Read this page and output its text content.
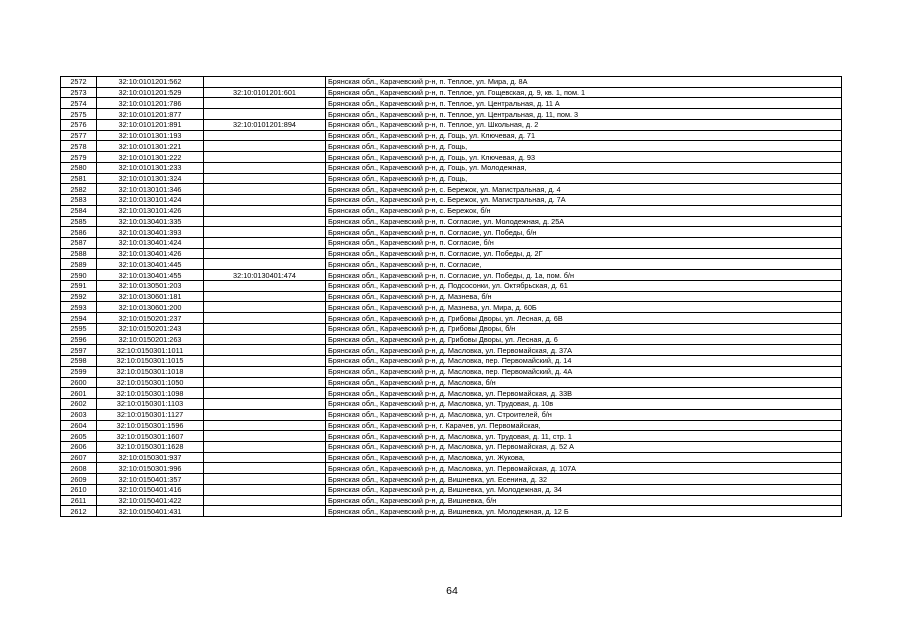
2572	32:10:0101201:562		Брянская обл., Карачевский р-н, п. Теплое, ул. Мира, д. 8А
2573	32:10:0101201:529	32:10:0101201:601	Брянская обл., Карачевский р-н, п. Теплое, ул. Гощевская, д. 9, кв. 1, пом. 1
2574	32:10:0101201:786		Брянская обл., Карачевский р-н, п. Теплое, ул. Центральная, д. 11 А
2575	32:10:0101201:877		Брянская обл., Карачевский р-н, п. Теплое, ул. Центральная, д. 11, пом. 3
2576	32:10:0101201:891	32:10:0101201:894	Брянская обл., Карачевский р-н, п. Теплое, ул. Школьная, д. 2
2577	32:10:0101301:193		Брянская обл., Карачевский р-н, д. Гощь, ул. Ключевая, д. 71
2578	32:10:0101301:221		Брянская обл., Карачевский р-н, д. Гощь,
2579	32:10:0101301:222		Брянская обл., Карачевский р-н, д. Гощь, ул. Ключевая, д. 93
2580	32:10:0101301:233		Брянская обл., Карачевский р-н, д. Гощь, ул. Молодежная,
2581	32:10:0101301:324		Брянская обл., Карачевский р-н, д. Гощь,
2582	32:10:0130101:346		Брянская обл., Карачевский р-н, с. Бережок, ул. Магистральная, д. 4
2583	32:10:0130101:424		Брянская обл., Карачевский р-н, с. Бережок, ул. Магистральная, д. 7А
2584	32:10:0130101:426		Брянская обл., Карачевский р-н, с. Бережок, б/н
2585	32:10:0130401:335		Брянская обл., Карачевский р-н, п. Согласие, ул. Молодежная, д. 25А
2586	32:10:0130401:393		Брянская обл., Карачевский р-н, п. Согласие, ул. Победы, б/н
2587	32:10:0130401:424		Брянская обл., Карачевский р-н, п. Согласие, б/н
2588	32:10:0130401:426		Брянская обл., Карачевский р-н, п. Согласие, ул. Победы, д. 2Г
2589	32:10:0130401:445		Брянская обл., Карачевский р-н, п. Согласие,
2590	32:10:0130401:455	32:10:0130401:474	Брянская обл., Карачевский р-н, п. Согласие, ул. Победы, д. 1а, пом. б/н
2591	32:10:0130501:203		Брянская обл., Карачевский р-н, д. Подсосонки, ул. Октябрьская, д. 61
2592	32:10:0130601:181		Брянская обл., Карачевский р-н, д. Мазнева, б/н
2593	32:10:0130601:200		Брянская обл., Карачевский р-н, д. Мазнева, ул. Мира, д. 60Б
2594	32:10:0150201:237		Брянская обл., Карачевский р-н, д. Грибовы Дворы, ул. Лесная, д. 6В
2595	32:10:0150201:243		Брянская обл., Карачевский р-н, д. Грибовы Дворы, б/н
2596	32:10:0150201:263		Брянская обл., Карачевский р-н, д. Грибовы Дворы, ул. Лесная, д. 6
2597	32:10:0150301:1011		Брянская обл., Карачевский р-н, д. Масловка, ул. Первомайская, д. 37А
2598	32:10:0150301:1015		Брянская обл., Карачевский р-н, д. Масловка, пер. Первомайский, д. 14
2599	32:10:0150301:1018		Брянская обл., Карачевский р-н, д. Масловка, пер. Первомайский, д. 4А
2600	32:10:0150301:1050		Брянская обл., Карачевский р-н, д. Масловка, б/н
2601	32:10:0150301:1098		Брянская обл., Карачевский р-н, д. Масловка, ул. Первомайская, д. 33В
2602	32:10:0150301:1103		Брянская обл., Карачевский р-н, д. Масловка, ул. Трудовая, д. 10в
2603	32:10:0150301:1127		Брянская обл., Карачевский р-н, д. Масловка, ул. Строителей, б/н
2604	32:10:0150301:1596		Брянская обл., Карачевский р-н, г. Карачев, ул. Первомайская,
2605	32:10:0150301:1607		Брянская обл., Карачевский р-н, д. Масловка, ул. Трудовая, д. 11, стр. 1
2606	32:10:0150301:1628		Брянская обл., Карачевский р-н, д. Масловка, ул. Первомайская, д. 52 А
2607	32:10:0150301:937		Брянская обл., Карачевский р-н, д. Масловка, ул. Жукова,
2608	32:10:0150301:996		Брянская обл., Карачевский р-н, д. Масловка, ул. Первомайская, д. 107А
2609	32:10:0150401:357		Брянская обл., Карачевский р-н, д. Вишневка, ул. Есенина, д. 32
2610	32:10:0150401:416		Брянская обл., Карачевский р-н, д. Вишневка, ул. Молодежная, д. 34
2611	32:10:0150401:422		Брянская обл., Карачевский р-н, д. Вишневка, б/н
2612	32:10:0150401:431		Брянская обл., Карачевский р-н, д. Вишневка, ул. Молодежная, д. 12 Б
64
